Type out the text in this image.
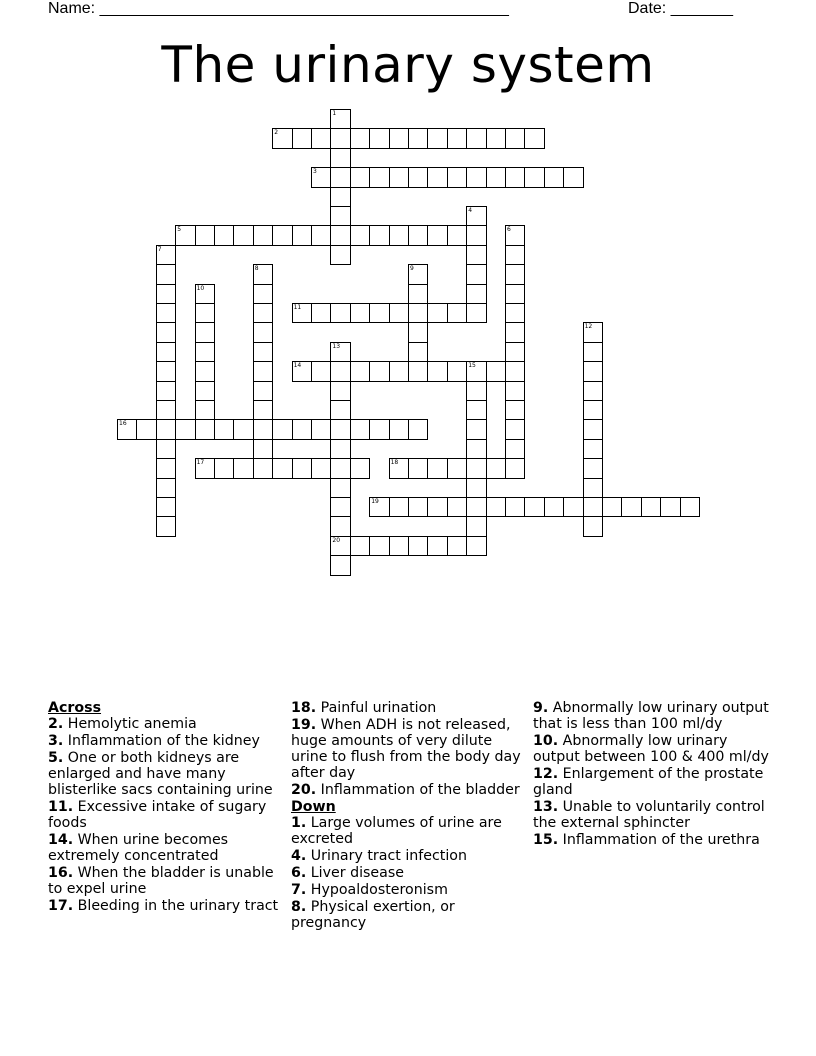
Name: ______________________________________________	Date: _______
The urinary system
1
2
3
4
5	6
7
8	9
10
11
12
13
20
14	15
16
17	18
19
Across
2. Hemolytic anemia
3. Inflammation of the kidney
5. One or both kidneys are enlarged and have many blisterlike sacs containing urine
11. Excessive intake of sugary foods
14. When urine becomes extremely concentrated
16. When the bladder is unable to expel urine
17. Bleeding in the urinary tract
18. Painful urination
19. When ADH is not released, huge amounts of very dilute urine to flush from the body day after day
20. Inflammation of the bladder
Down
1. Large volumes of urine are excreted
4. Urinary tract infection
6. Liver disease
7. Hypoaldosteronism
8. Physical exertion, or pregnancy
9. Abnormally low urinary output that is less than 100 ml/dy
10. Abnormally low urinary output between 100 & 400 ml/dy
12. Enlargement of the prostate gland
13. Unable to voluntarily control the external sphincter
15. Inflammation of the urethra
